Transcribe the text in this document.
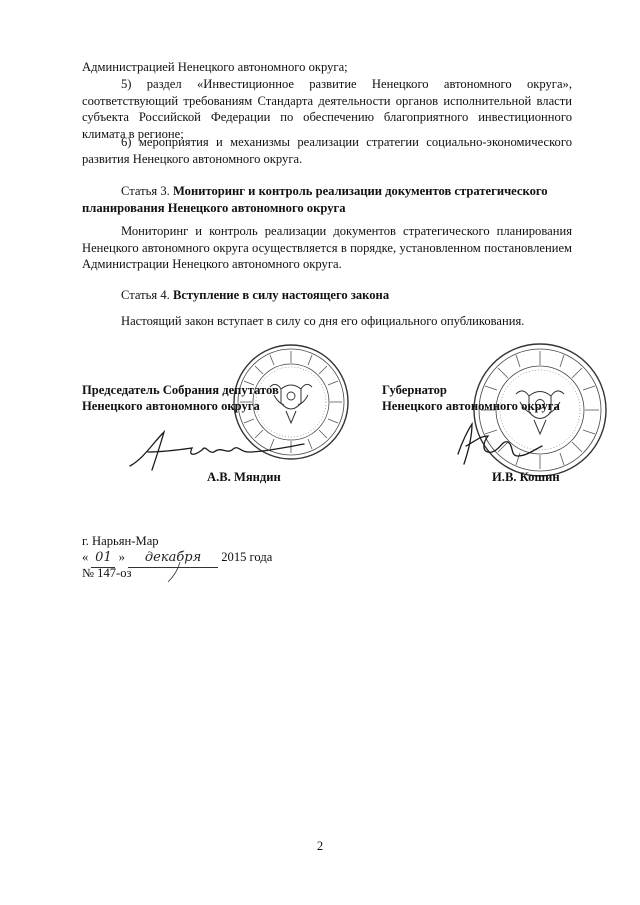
Администрацией Ненецкого автономного округа;
5) раздел «Инвестиционное развитие Ненецкого автономного округа», соответствующий требованиям Стандарта деятельности органов исполнительной власти субъекта Российской Федерации по обеспечению благоприятного инвестиционного климата в регионе;
6) мероприятия и механизмы реализации стратегии социально-экономического развития Ненецкого автономного округа.
Статья 3. Мониторинг и контроль реализации документов стратегического планирования Ненецкого автономного округа
Мониторинг и контроль реализации документов стратегического планирования Ненецкого автономного округа осуществляется в порядке, установленном постановлением Администрации Ненецкого автономного округа.
Статья 4. Вступление в силу настоящего закона
Настоящий закон вступает в силу со дня его официального опубликования.
Председатель Собрания депутатов
Ненецкого автономного округа
А.В. Мяндин
Губернатор
Ненецкого автономного округа
И.В. Кошин
г. Нарьян-Мар
« 01 » декабря 2015 года
№ 147-оз
2
